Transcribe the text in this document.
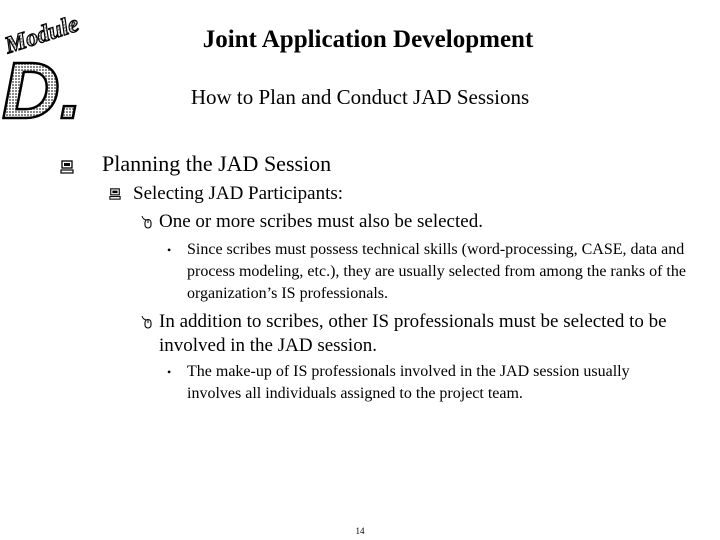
Module
D.
Joint Application Development
How to Plan and Conduct JAD Sessions
Planning the JAD Session
Selecting JAD Participants:
One or more scribes must also be selected.
• Since scribes must possess technical skills (word-processing, CASE, data and process modeling, etc.), they are usually selected from among the ranks of the organization’s IS professionals.
In addition to scribes, other IS professionals must be selected to be involved in the JAD session.
• The make-up of IS professionals involved in the JAD session usually involves all individuals assigned to the project team.
14
